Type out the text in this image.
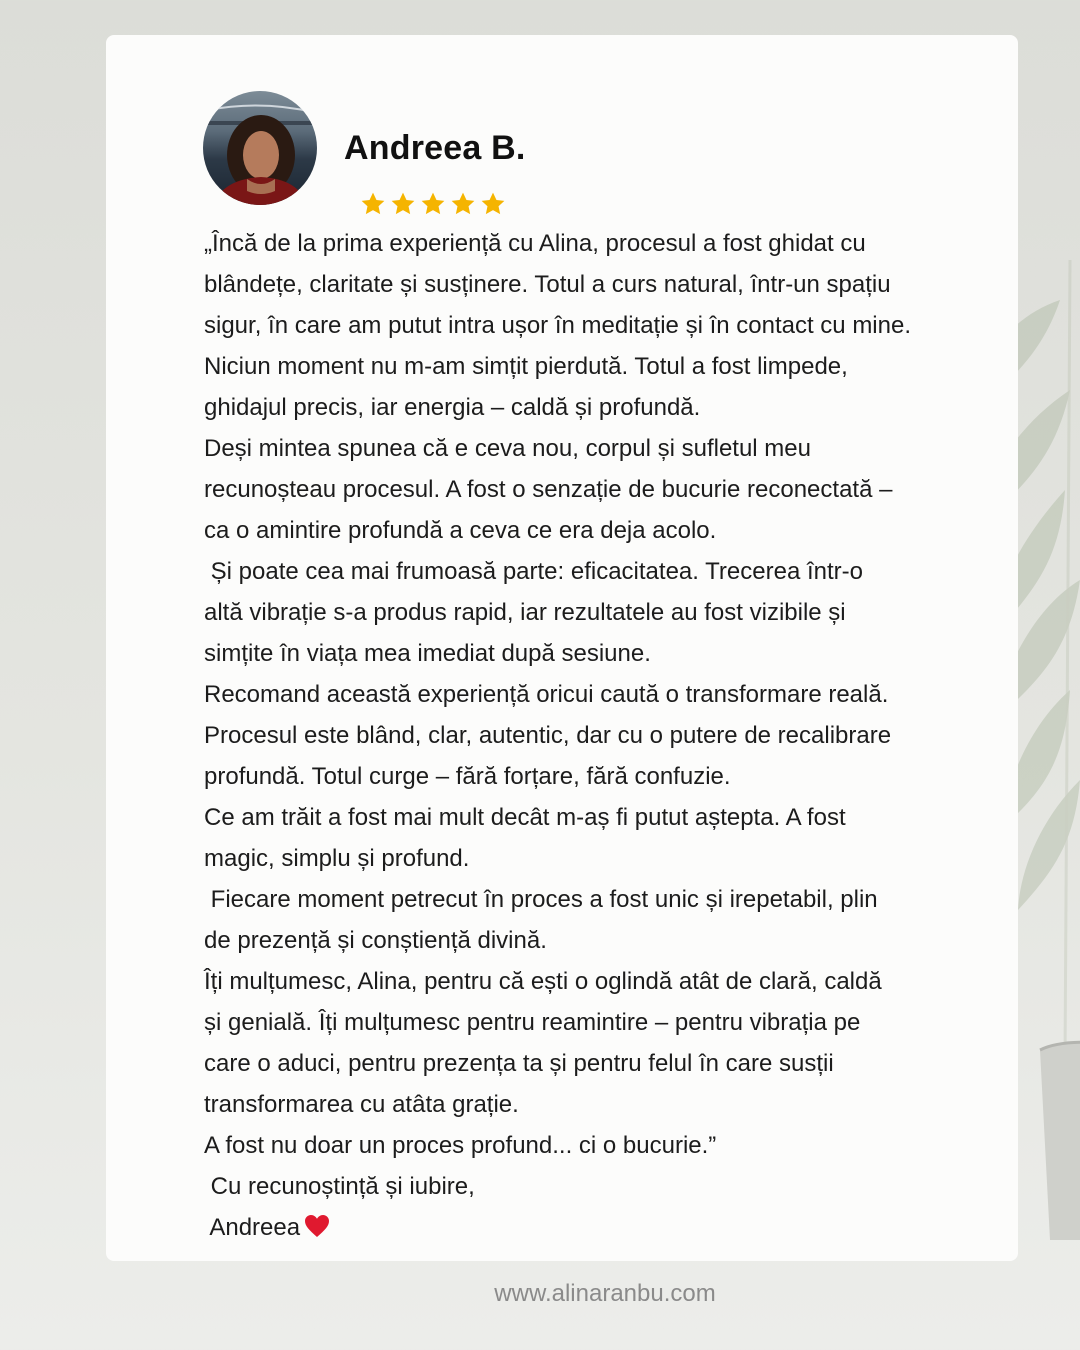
Andreea B.
„Încă de la prima experiență cu Alina, procesul a fost ghidat cu
blândețe, claritate și susținere. Totul a curs natural, într-un spațiu
sigur, în care am putut intra ușor în meditație și în contact cu mine.
Niciun moment nu m-am simțit pierdută. Totul a fost limpede,
ghidajul precis, iar energia – caldă și profundă.
Deși mintea spunea că e ceva nou, corpul și sufletul meu
recunoșteau procesul. A fost o senzație de bucurie reconectată –
ca o amintire profundă a ceva ce era deja acolo.
Și poate cea mai frumoasă parte: eficacitatea. Trecerea într-o
altă vibrație s-a produs rapid, iar rezultatele au fost vizibile și
simțite în viața mea imediat după sesiune.
Recomand această experiență oricui caută o transformare reală.
Procesul este blând, clar, autentic, dar cu o putere de recalibrare
profundă. Totul curge – fără forțare, fără confuzie.
Ce am trăit a fost mai mult decât m-aș fi putut aștepta. A fost
magic, simplu și profund.
Fiecare moment petrecut în proces a fost unic și irepetabil, plin
de prezență și conștiență divină.
Îți mulțumesc, Alina, pentru că ești o oglindă atât de clară, caldă
și genială. Îți mulțumesc pentru reamintire – pentru vibrația pe
care o aduci, pentru prezența ta și pentru felul în care susții
transformarea cu atâta grație.
A fost nu doar un proces profund... ci o bucurie.”
Cu recunoștință și iubire,
Andreea
www.alinaranbu.com
